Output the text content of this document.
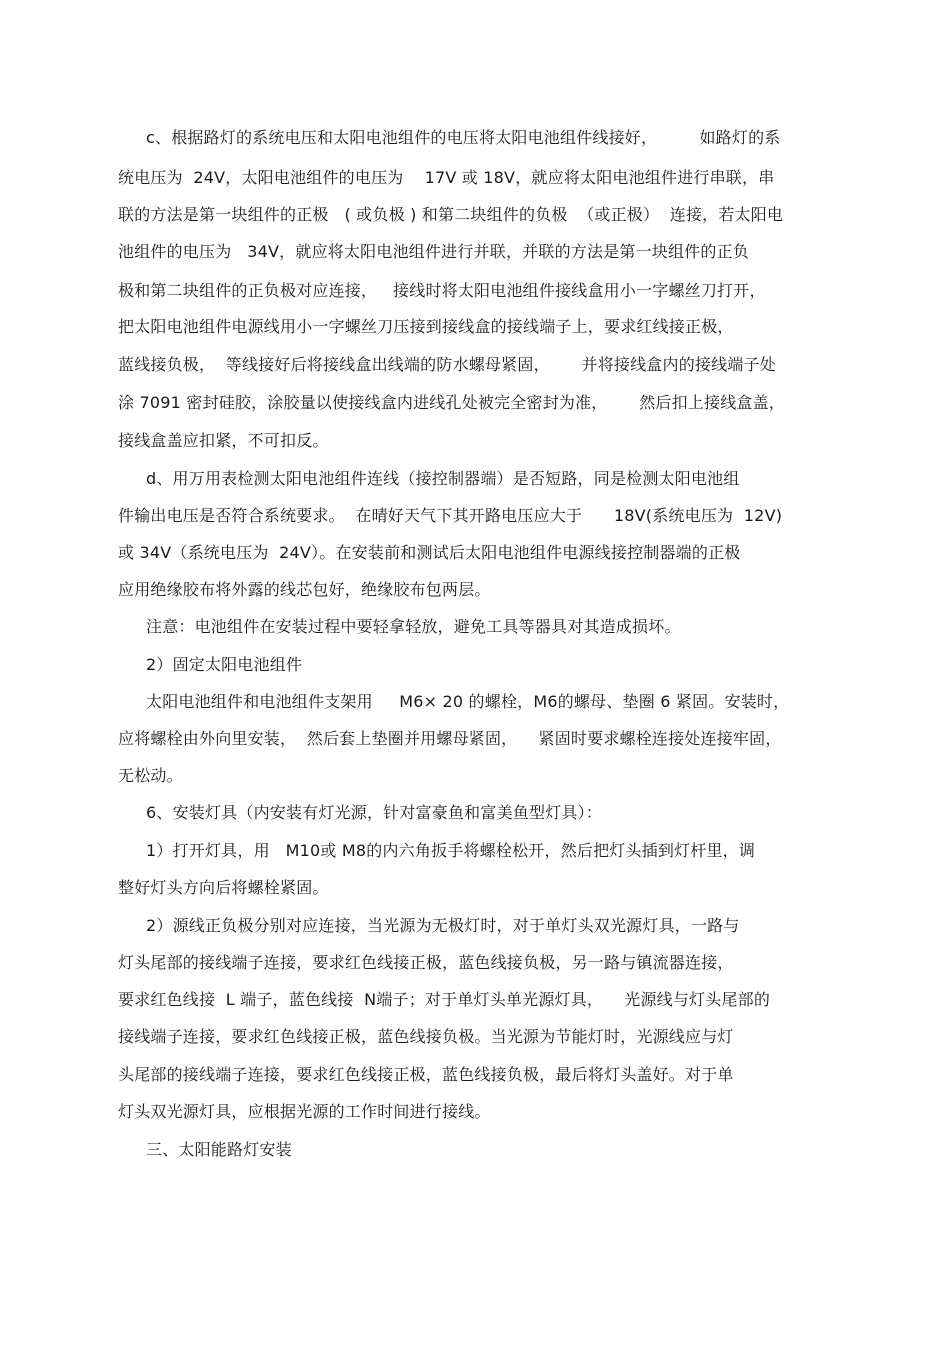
c、根据路灯的系统电压和太阳电池组件的电压将太阳电池组件线接好，        如路灯的系
统电压为  24V，太阳电池组件的电压为    17V 或 18V，就应将太阳电池组件进行串联，串
联的方法是第一块组件的正极   ( 或负极 ) 和第二块组件的负极  （或正极）  连接，若太阳电
池组件的电压为   34V，就应将太阳电池组件进行并联，并联的方法是第一块组件的正负
极和第二块组件的正负极对应连接，   接线时将太阳电池组件接线盒用小一字螺丝刀打开，
把太阳电池组件电源线用小一字螺丝刀压接到接线盒的接线端子上，要求红线接正极，
蓝线接负极，  等线接好后将接线盒出线端的防水螺母紧固，      并将接线盒内的接线端子处
涂 7091 密封硅胶，涂胶量以使接线盒内进线孔处被完全密封为准，      然后扣上接线盒盖，
接线盒盖应扣紧，不可扣反。
d、用万用表检测太阳电池组件连线（接控制器端）是否短路，同是检测太阳电池组
件输出电压是否符合系统要求。  在晴好天气下其开路电压应大于      18V(系统电压为  12V)
或 34V（系统电压为  24V）。在安装前和测试后太阳电池组件电源线接控制器端的正极
应用绝缘胶布将外露的线芯包好，绝缘胶布包两层。
注意：电池组件在安装过程中要轻拿轻放，避免工具等器具对其造成损坏。
2）固定太阳电池组件
太阳电池组件和电池组件支架用     M6× 20 的螺栓，M6的螺母、垫圈 6 紧固。安装时，
应将螺栓由外向里安装，  然后套上垫圈并用螺母紧固，    紧固时要求螺栓连接处连接牢固，
无松动。
6、安装灯具（内安装有灯光源，针对富豪鱼和富美鱼型灯具）：
1）打开灯具，用   M10或 M8的内六角扳手将螺栓松开，然后把灯头插到灯杆里，调
整好灯头方向后将螺栓紧固。
2）源线正负极分别对应连接，当光源为无极灯时，对于单灯头双光源灯具，一路与
灯头尾部的接线端子连接，要求红色线接正极，蓝色线接负极，另一路与镇流器连接，
要求红色线接  L 端子，蓝色线接  N端子；对于单灯头单光源灯具，    光源线与灯头尾部的
接线端子连接，要求红色线接正极，蓝色线接负极。当光源为节能灯时，光源线应与灯
头尾部的接线端子连接，要求红色线接正极，蓝色线接负极，最后将灯头盖好。对于单
灯头双光源灯具，应根据光源的工作时间进行接线。
三、太阳能路灯安装
